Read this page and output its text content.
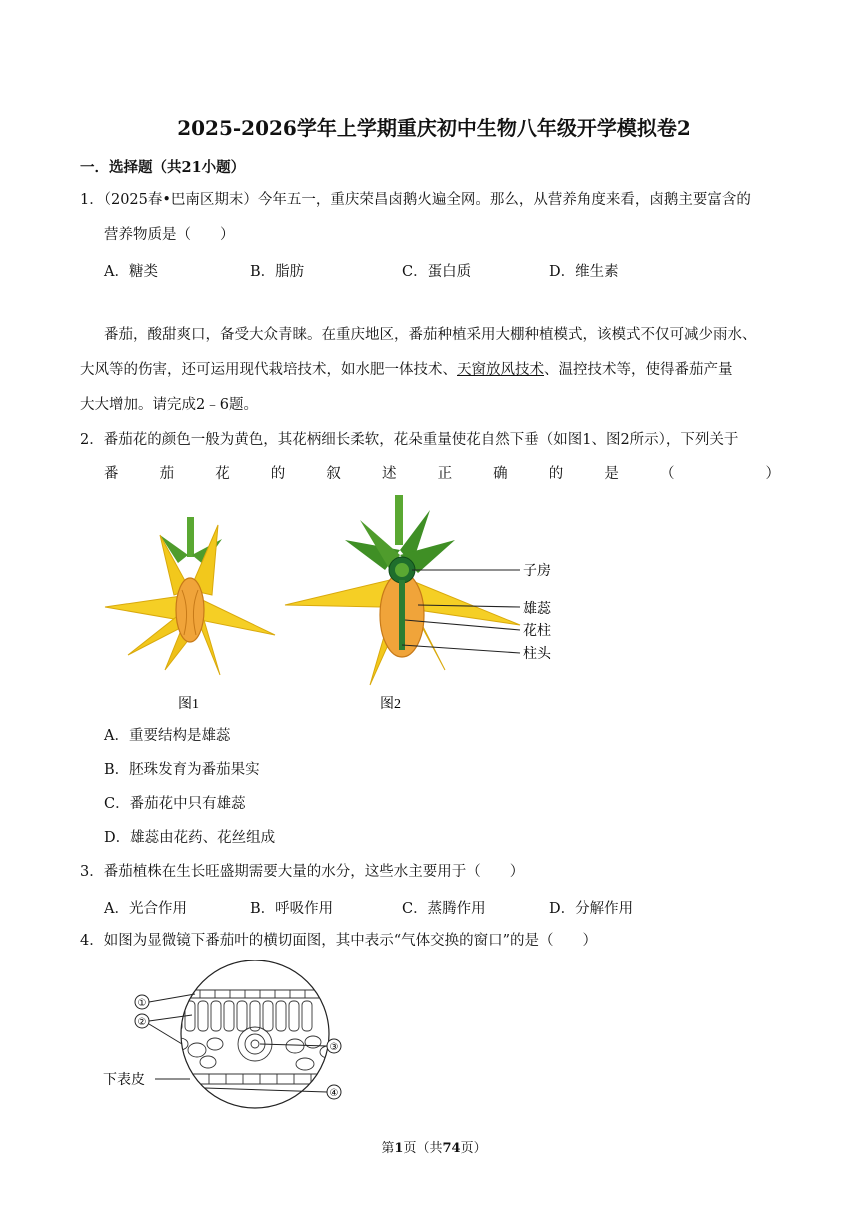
2025-2026学年上学期重庆初中生物八年级开学模拟卷2
一．选择题（共21小题）
1．（2025春•巴南区期末）今年五一，重庆荣昌卤鹅火遍全网。那么，从营养角度来看，卤鹅主要富含的
营养物质是（　　）
A．糖类	B．脂肪	C．蛋白质	D．维生素
番茄，酸甜爽口，备受大众青睐。在重庆地区，番茄种植采用大棚种植模式，该模式不仅可减少雨水、
大风等的伤害，还可运用现代栽培技术，如水肥一体技术、天窗放风技术、温控技术等，使得番茄产量
大大增加。请完成2﹣6题。
2．番茄花的颜色一般为黄色，其花柄细长柔软，花朵重量使花自然下垂（如图1、图2所示），下列关于
番	茄	花	的	叙	述	正	确	的	是	（	）
图1	图2
子房
雄蕊
花柱
柱头
A．重要结构是雄蕊
B．胚珠发育为番茄果实
C．番茄花中只有雄蕊
D．雄蕊由花药、花丝组成
3．番茄植株在生长旺盛期需要大量的水分，这些水主要用于（　　）
A．光合作用	B．呼吸作用	C．蒸腾作用	D．分解作用
4．如图为显微镜下番茄叶的横切面图，其中表示“气体交换的窗口”的是（　　）
①
②
③
④
下表皮
第1页（共74页）
